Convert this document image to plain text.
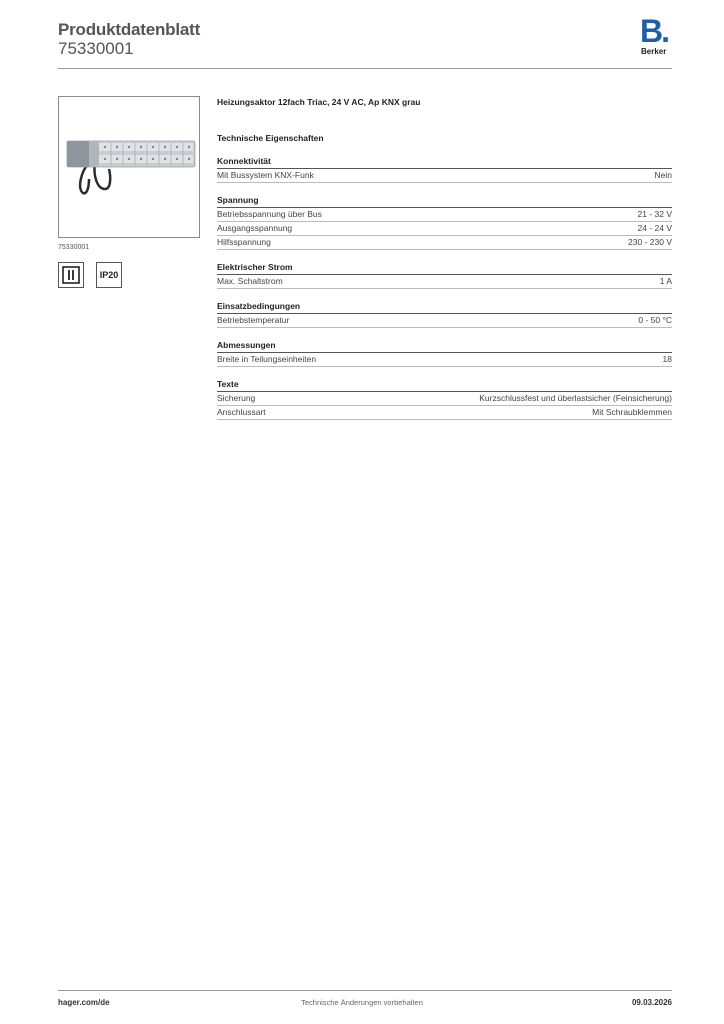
Produktdatenblatt
75330001	B.
Berker
75330001
IP20
Heizungsaktor 12fach Triac, 24 V AC, Ap KNX grau
Technische Eigenschaften
Konnektivität
Mit Bussystem KNX-Funk	Nein
Spannung
Betriebsspannung über Bus	21 - 32 V
Ausgangsspannung	24 - 24 V
Hilfsspannung	230 - 230 V
Elektrischer Strom
Max. Schaltstrom	1 A
Einsatzbedingungen
Betriebstemperatur	0 - 50 °C
Abmessungen
Breite in Teilungseinheiten	18
Texte
Sicherung	Kurzschlussfest und überlastsicher (Feinsicherung)
Anschlussart	Mit Schraubklemmen
hager.com/de	Technische Änderungen vorbehalten	09.03.2026
